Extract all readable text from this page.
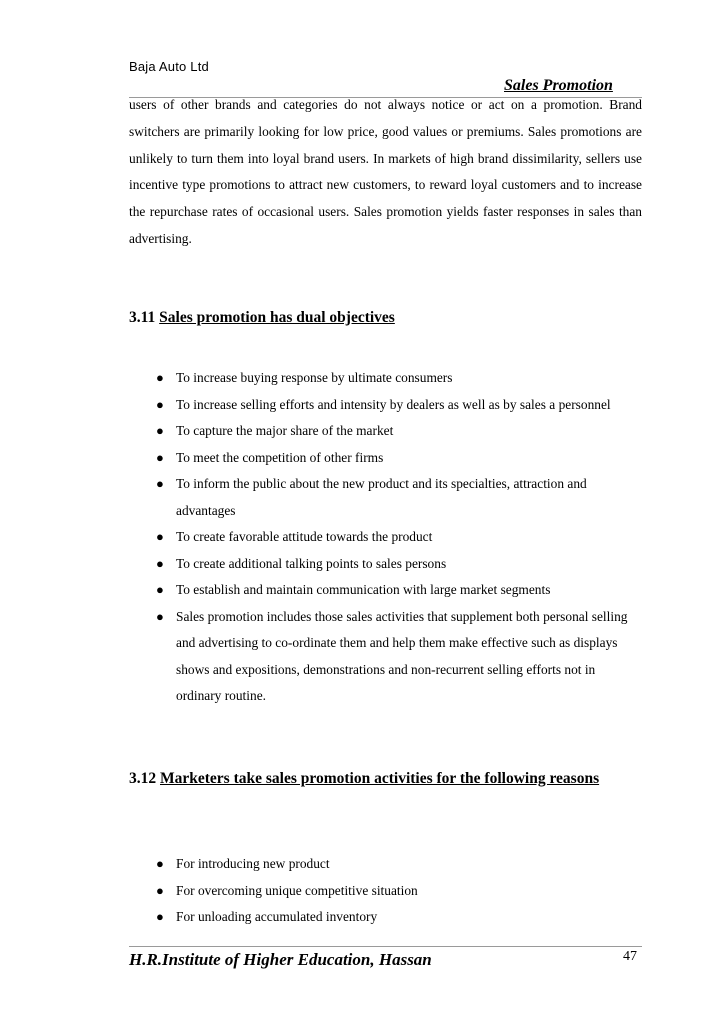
Baja Auto Ltd
Sales Promotion

users of other brands and categories do not always notice or act on a promotion. Brand switchers are primarily looking for low price, good values or premiums. Sales promotions are unlikely to turn them into loyal brand users. In markets of high brand dissimilarity, sellers use incentive type promotions to attract new customers, to reward loyal customers and to increase the repurchase rates of occasional users. Sales promotion yields faster responses in sales than advertising.

3.11 Sales promotion has dual objectives
● To increase buying response by ultimate consumers
● To increase selling efforts and intensity by dealers as well as by sales a personnel
● To capture the major share of the market
● To meet the competition of other firms
● To inform the public about the new product and its specialties, attraction and advantages
● To create favorable attitude towards the product
● To create additional talking points to sales persons
● To establish and maintain communication with large market segments
● Sales promotion includes those sales activities that supplement both personal selling and advertising to co-ordinate them and help them make effective such as displays shows and expositions, demonstrations and non-recurrent selling efforts not in ordinary routine.
3.12 Marketers take sales promotion activities for the following reasons
● For introducing new product
● For overcoming unique competitive situation
● For unloading accumulated inventory
H.R.Institute of Higher Education, Hassan	47
